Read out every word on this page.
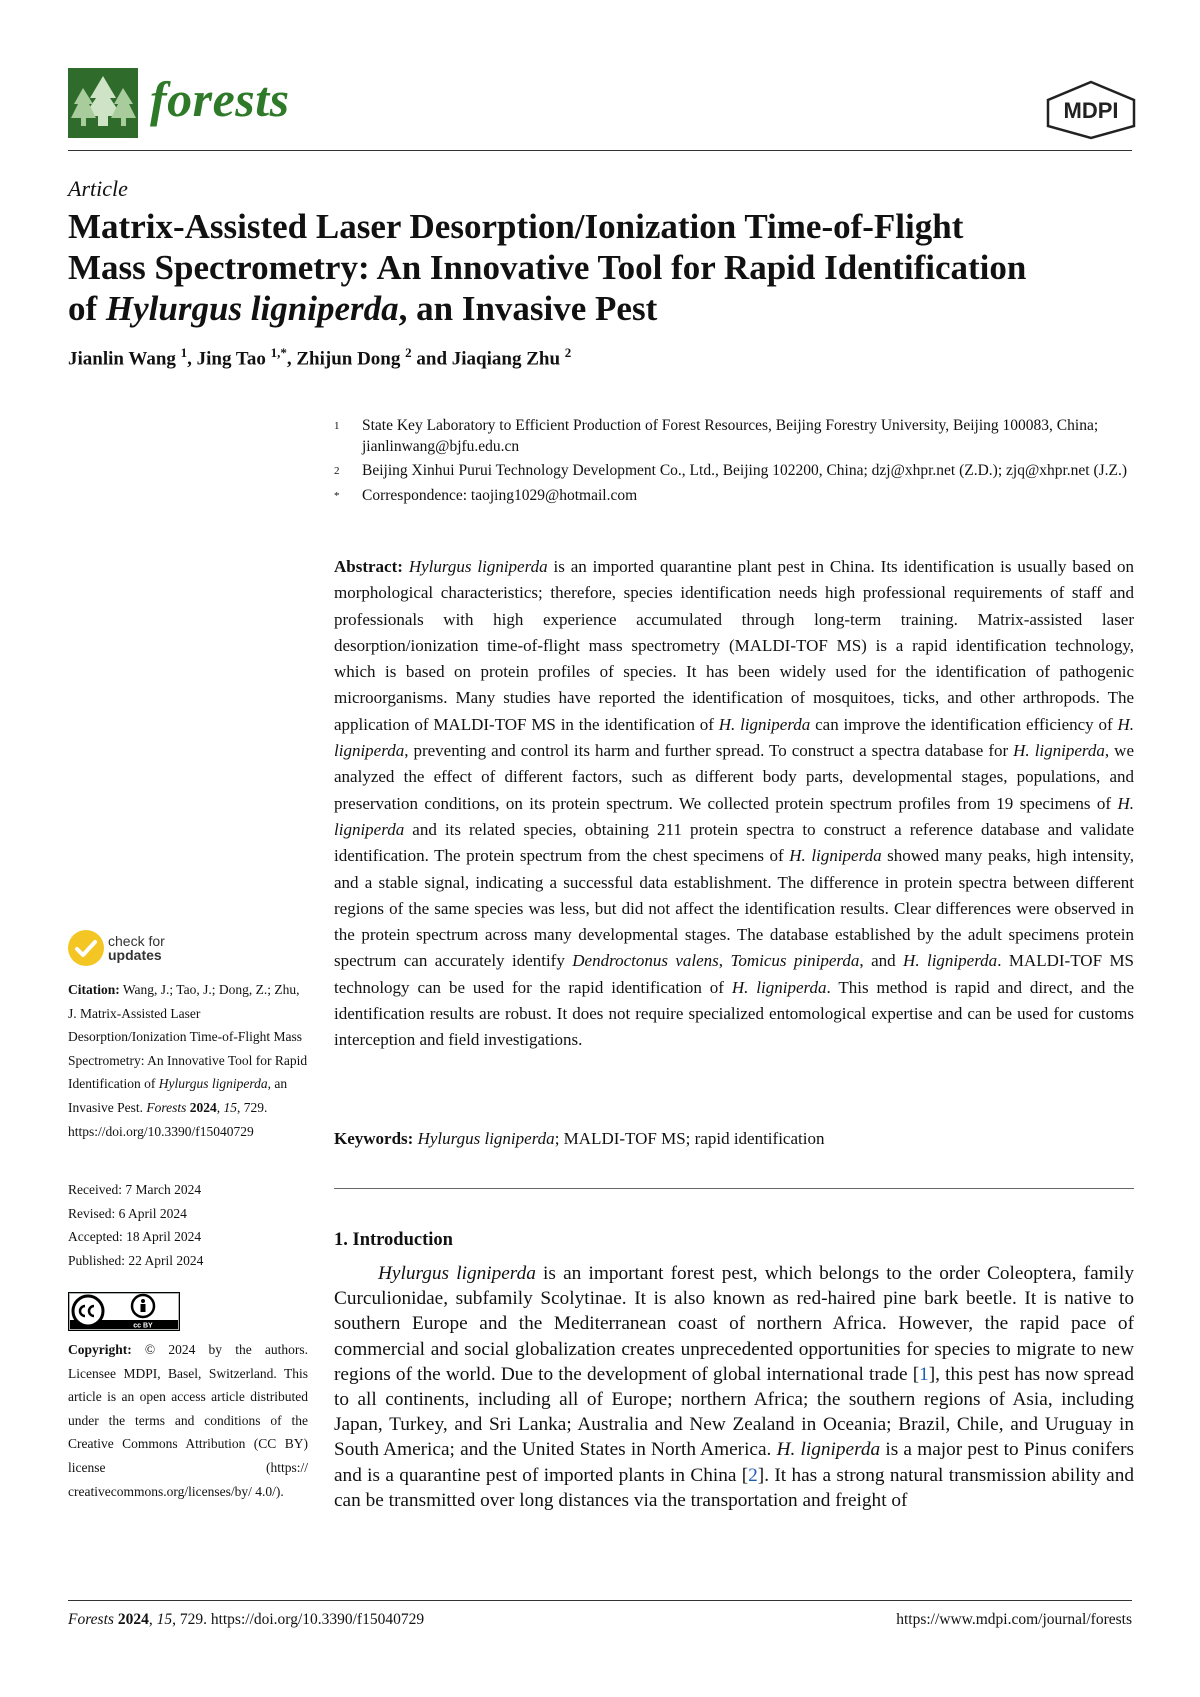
forests	MDPI
Article
Matrix-Assisted Laser Desorption/Ionization Time-of-Flight
Mass Spectrometry: An Innovative Tool for Rapid Identification
of Hylurgus ligniperda, an Invasive Pest
Jianlin Wang $^1$, Jing Tao $^{1,*}$, Zhijun Dong $^2$ and Jiaqiang Zhu $^2$
1	State Key Laboratory to Efficient Production of Forest Resources, Beijing Forestry University, Beijing 100083, China; jianlinwang@bjfu.edu.cn
2	Beijing Xinhui Purui Technology Development Co., Ltd., Beijing 102200, China; dzj@xhpr.net (Z.D.); zjq@xhpr.net (J.Z.)
*	Correspondence: taojing1029@hotmail.com
Abstract: Hylurgus ligniperda is an imported quarantine plant pest in China. Its identification is usually based on morphological characteristics; therefore, species identification needs high professional requirements of staff and professionals with high experience accumulated through long-term training. Matrix-assisted laser desorption/ionization time-of-flight mass spectrometry (MALDI-TOF MS) is a rapid identification technology, which is based on protein profiles of species. It has been widely used for the identification of pathogenic microorganisms. Many studies have reported the identification of mosquitoes, ticks, and other arthropods. The application of MALDI-TOF MS in the identification of H. ligniperda can improve the identification efficiency of H. ligniperda, preventing and control its harm and further spread. To construct a spectra database for H. ligniperda, we analyzed the effect of different factors, such as different body parts, developmental stages, populations, and preservation conditions, on its protein spectrum. We collected protein spectrum profiles from 19 specimens of H. ligniperda and its related species, obtaining 211 protein spectra to construct a reference database and validate identification. The protein spectrum from the chest specimens of H. ligniperda showed many peaks, high intensity, and a stable signal, indicating a successful data establishment. The difference in protein spectra between different regions of the same species was less, but did not affect the identification results. Clear differences were observed in the protein spectrum across many developmental stages. The database established by the adult specimens protein spectrum can accurately identify Dendroctonus valens, Tomicus piniperda, and H. ligniperda. MALDI-TOF MS technology can be used for the rapid identification of H. ligniperda. This method is rapid and direct, and the identification results are robust. It does not require specialized entomological expertise and can be used for customs interception and field investigations.
Keywords: Hylurgus ligniperda; MALDI-TOF MS; rapid identification
1. Introduction

Hylurgus ligniperda is an important forest pest, which belongs to the order Coleoptera, family Curculionidae, subfamily Scolytinae. It is also known as red-haired pine bark beetle. It is native to southern Europe and the Mediterranean coast of northern Africa. However, the rapid pace of commercial and social globalization creates unprecedented opportunities for species to migrate to new regions of the world. Due to the development of global international trade [1], this pest has now spread to all continents, including all of Europe; northern Africa; the southern regions of Asia, including Japan, Turkey, and Sri Lanka; Australia and New Zealand in Oceania; Brazil, Chile, and Uruguay in South America; and the United States in North America. H. ligniperda is a major pest to Pinus conifers and is a quarantine pest of imported plants in China [2]. It has a strong natural transmission ability and can be transmitted over long distances via the transportation and freight of

check for
updates
Citation: Wang, J.; Tao, J.; Dong, Z.; Zhu, J. Matrix-Assisted Laser Desorption/Ionization Time-of-Flight Mass Spectrometry: An Innovative Tool for Rapid Identification of Hylurgus ligniperda, an Invasive Pest. Forests 2024, 15, 729. https://doi.org/10.3390/f15040729
Received: 7 March 2024
Revised: 6 April 2024
Accepted: 18 April 2024
Published: 22 April 2024
cc BY
Copyright: © 2024 by the authors. Licensee MDPI, Basel, Switzerland. This article is an open access article distributed under the terms and conditions of the Creative Commons Attribution (CC BY) license (https:// creativecommons.org/licenses/by/ 4.0/).
Forests 2024, 15, 729. https://doi.org/10.3390/f15040729	https://www.mdpi.com/journal/forests
